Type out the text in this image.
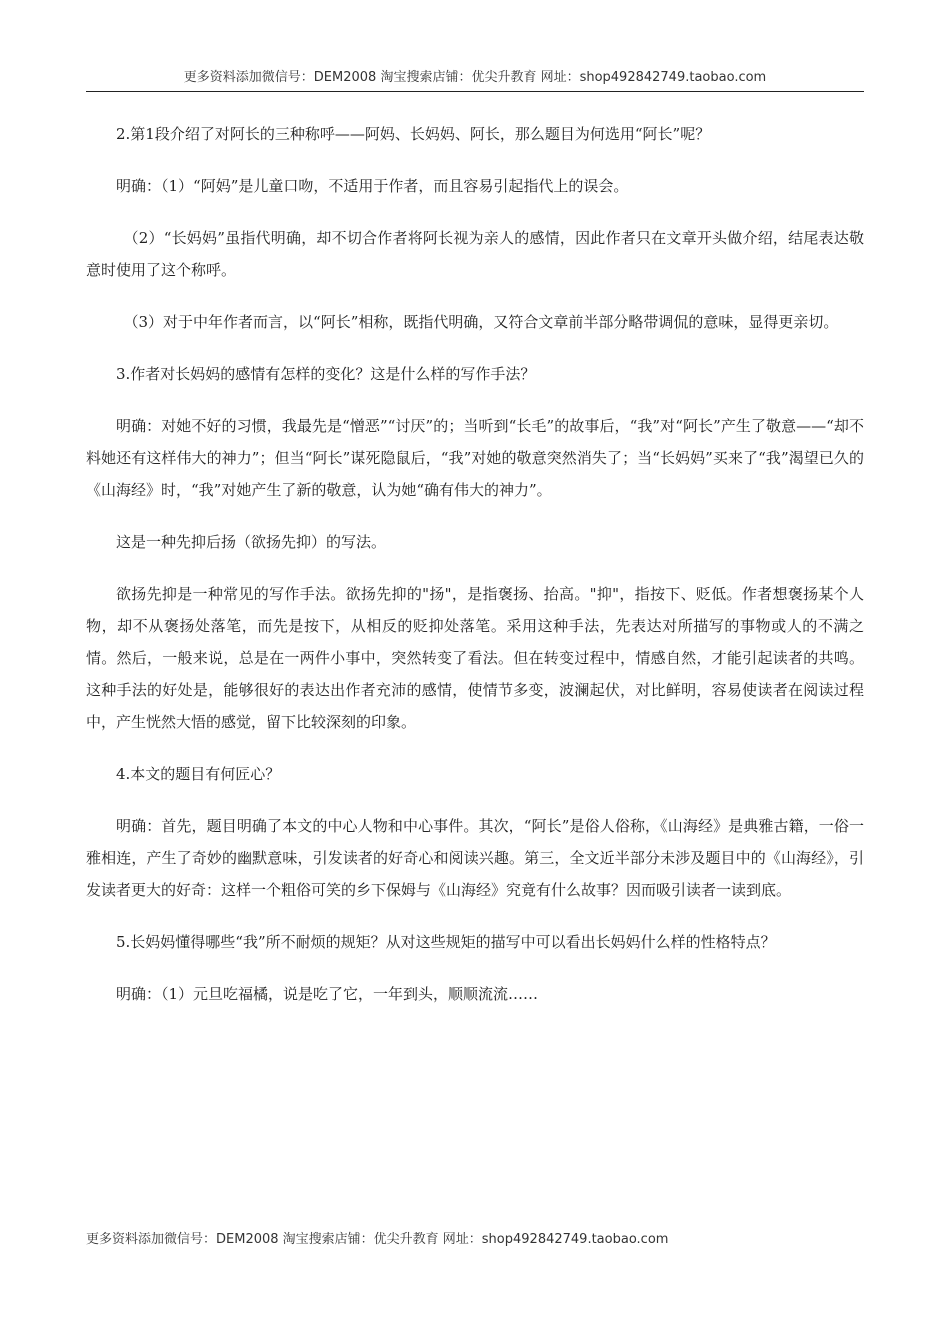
更多资料添加微信号：DEM2008 淘宝搜索店铺：优尖升教育 网址：shop492842749.taobao.com

2.第1段介绍了对阿长的三种称呼——阿妈、长妈妈、阿长，那么题目为何选用“阿长”呢？

明确：（1）“阿妈”是儿童口吻，不适用于作者，而且容易引起指代上的误会。

（2）“长妈妈”虽指代明确，却不切合作者将阿长视为亲人的感情，因此作者只在文章开头做介绍，结尾表达敬意时使用了这个称呼。

（3）对于中年作者而言，以“阿长”相称，既指代明确，又符合文章前半部分略带调侃的意味，显得更亲切。

3.作者对长妈妈的感情有怎样的变化？这是什么样的写作手法？

明确：对她不好的习惯，我最先是“憎恶”“讨厌”的；当听到“长毛”的故事后，“我”对“阿长”产生了敬意——“却不料她还有这样伟大的神力”；但当“阿长”谋死隐鼠后，“我”对她的敬意突然消失了；当“长妈妈”买来了“我”渴望已久的《山海经》时，“我”对她产生了新的敬意，认为她“确有伟大的神力”。

这是一种先抑后扬（欲扬先抑）的写法。

欲扬先抑是一种常见的写作手法。欲扬先抑的"扬"，是指褒扬、抬高。"抑"，指按下、贬低。作者想褒扬某个人物，却不从褒扬处落笔，而先是按下，从相反的贬抑处落笔。采用这种手法，先表达对所描写的事物或人的不满之情。然后，一般来说，总是在一两件小事中，突然转变了看法。但在转变过程中，情感自然，才能引起读者的共鸣。这种手法的好处是，能够很好的表达出作者充沛的感情，使情节多变，波澜起伏，对比鲜明，容易使读者在阅读过程中，产生恍然大悟的感觉，留下比较深刻的印象。

4.本文的题目有何匠心？

明确：首先，题目明确了本文的中心人物和中心事件。其次，“阿长”是俗人俗称，《山海经》是典雅古籍，一俗一雅相连，产生了奇妙的幽默意味，引发读者的好奇心和阅读兴趣。第三，全文近半部分未涉及题目中的《山海经》，引发读者更大的好奇：这样一个粗俗可笑的乡下保姆与《山海经》究竟有什么故事？因而吸引读者一读到底。

5.长妈妈懂得哪些“我”所不耐烦的规矩？从对这些规矩的描写中可以看出长妈妈什么样的性格特点？

明确：（1）元旦吃福橘，说是吃了它，一年到头，顺顺流流……

更多资料添加微信号：DEM2008 淘宝搜索店铺：优尖升教育 网址：shop492842749.taobao.com
